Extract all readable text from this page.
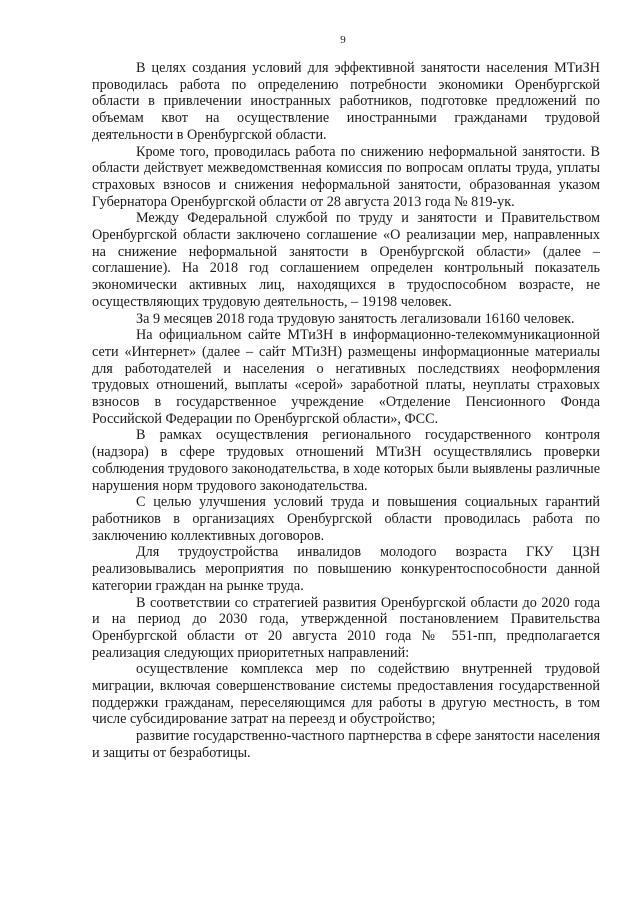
9

В целях создания условий для эффективной занятости населения МТиЗН проводилась работа по определению потребности экономики Оренбургской области в привлечении иностранных работников, подготовке предложений по объемам квот на осуществление иностранными гражданами трудовой деятельности в Оренбургской области.

Кроме того, проводилась работа по снижению неформальной занятости. В области действует межведомственная комиссия по вопросам оплаты труда, уплаты страховых взносов и снижения неформальной занятости, образованная указом Губернатора Оренбургской области от 28 августа 2013 года № 819-ук.

Между Федеральной службой по труду и занятости и Правительством Оренбургской области заключено соглашение «О реализации мер, направленных на снижение неформальной занятости в Оренбургской области» (далее – соглашение). На 2018 год соглашением определен контрольный показатель экономически активных лиц, находящихся в трудоспособном возрасте, не осуществляющих трудовую деятельность, – 19198 человек.

За 9 месяцев 2018 года трудовую занятость легализовали 16160 человек.

На официальном сайте МТиЗН в информационно-телекоммуникационной сети «Интернет» (далее – сайт МТиЗН) размещены информационные материалы для работодателей и населения о негативных последствиях неоформления трудовых отношений, выплаты «серой» заработной платы, неуплаты страховых взносов в государственное учреждение «Отделение Пенсионного Фонда Российской Федерации по Оренбургской области», ФСС.

В рамках осуществления регионального государственного контроля (надзора) в сфере трудовых отношений МТиЗН осуществлялись проверки соблюдения трудового законодательства, в ходе которых были выявлены различные нарушения норм трудового законодательства.

С целью улучшения условий труда и повышения социальных гарантий работников в организациях Оренбургской области проводилась работа по заключению коллективных договоров.

Для трудоустройства инвалидов молодого возраста ГКУ ЦЗН реализовывались мероприятия по повышению конкурентоспособности данной категории граждан на рынке труда.

В соответствии со стратегией развития Оренбургской области до 2020 года и на период до 2030 года, утвержденной постановлением Правительства Оренбургской области от 20 августа 2010 года № 551-пп, предполагается реализация следующих приоритетных направлений:

осуществление комплекса мер по содействию внутренней трудовой миграции, включая совершенствование системы предоставления государственной поддержки гражданам, переселяющимся для работы в другую местность, в том числе субсидирование затрат на переезд и обустройство;

развитие государственно-частного партнерства в сфере занятости населения и защиты от безработицы.
